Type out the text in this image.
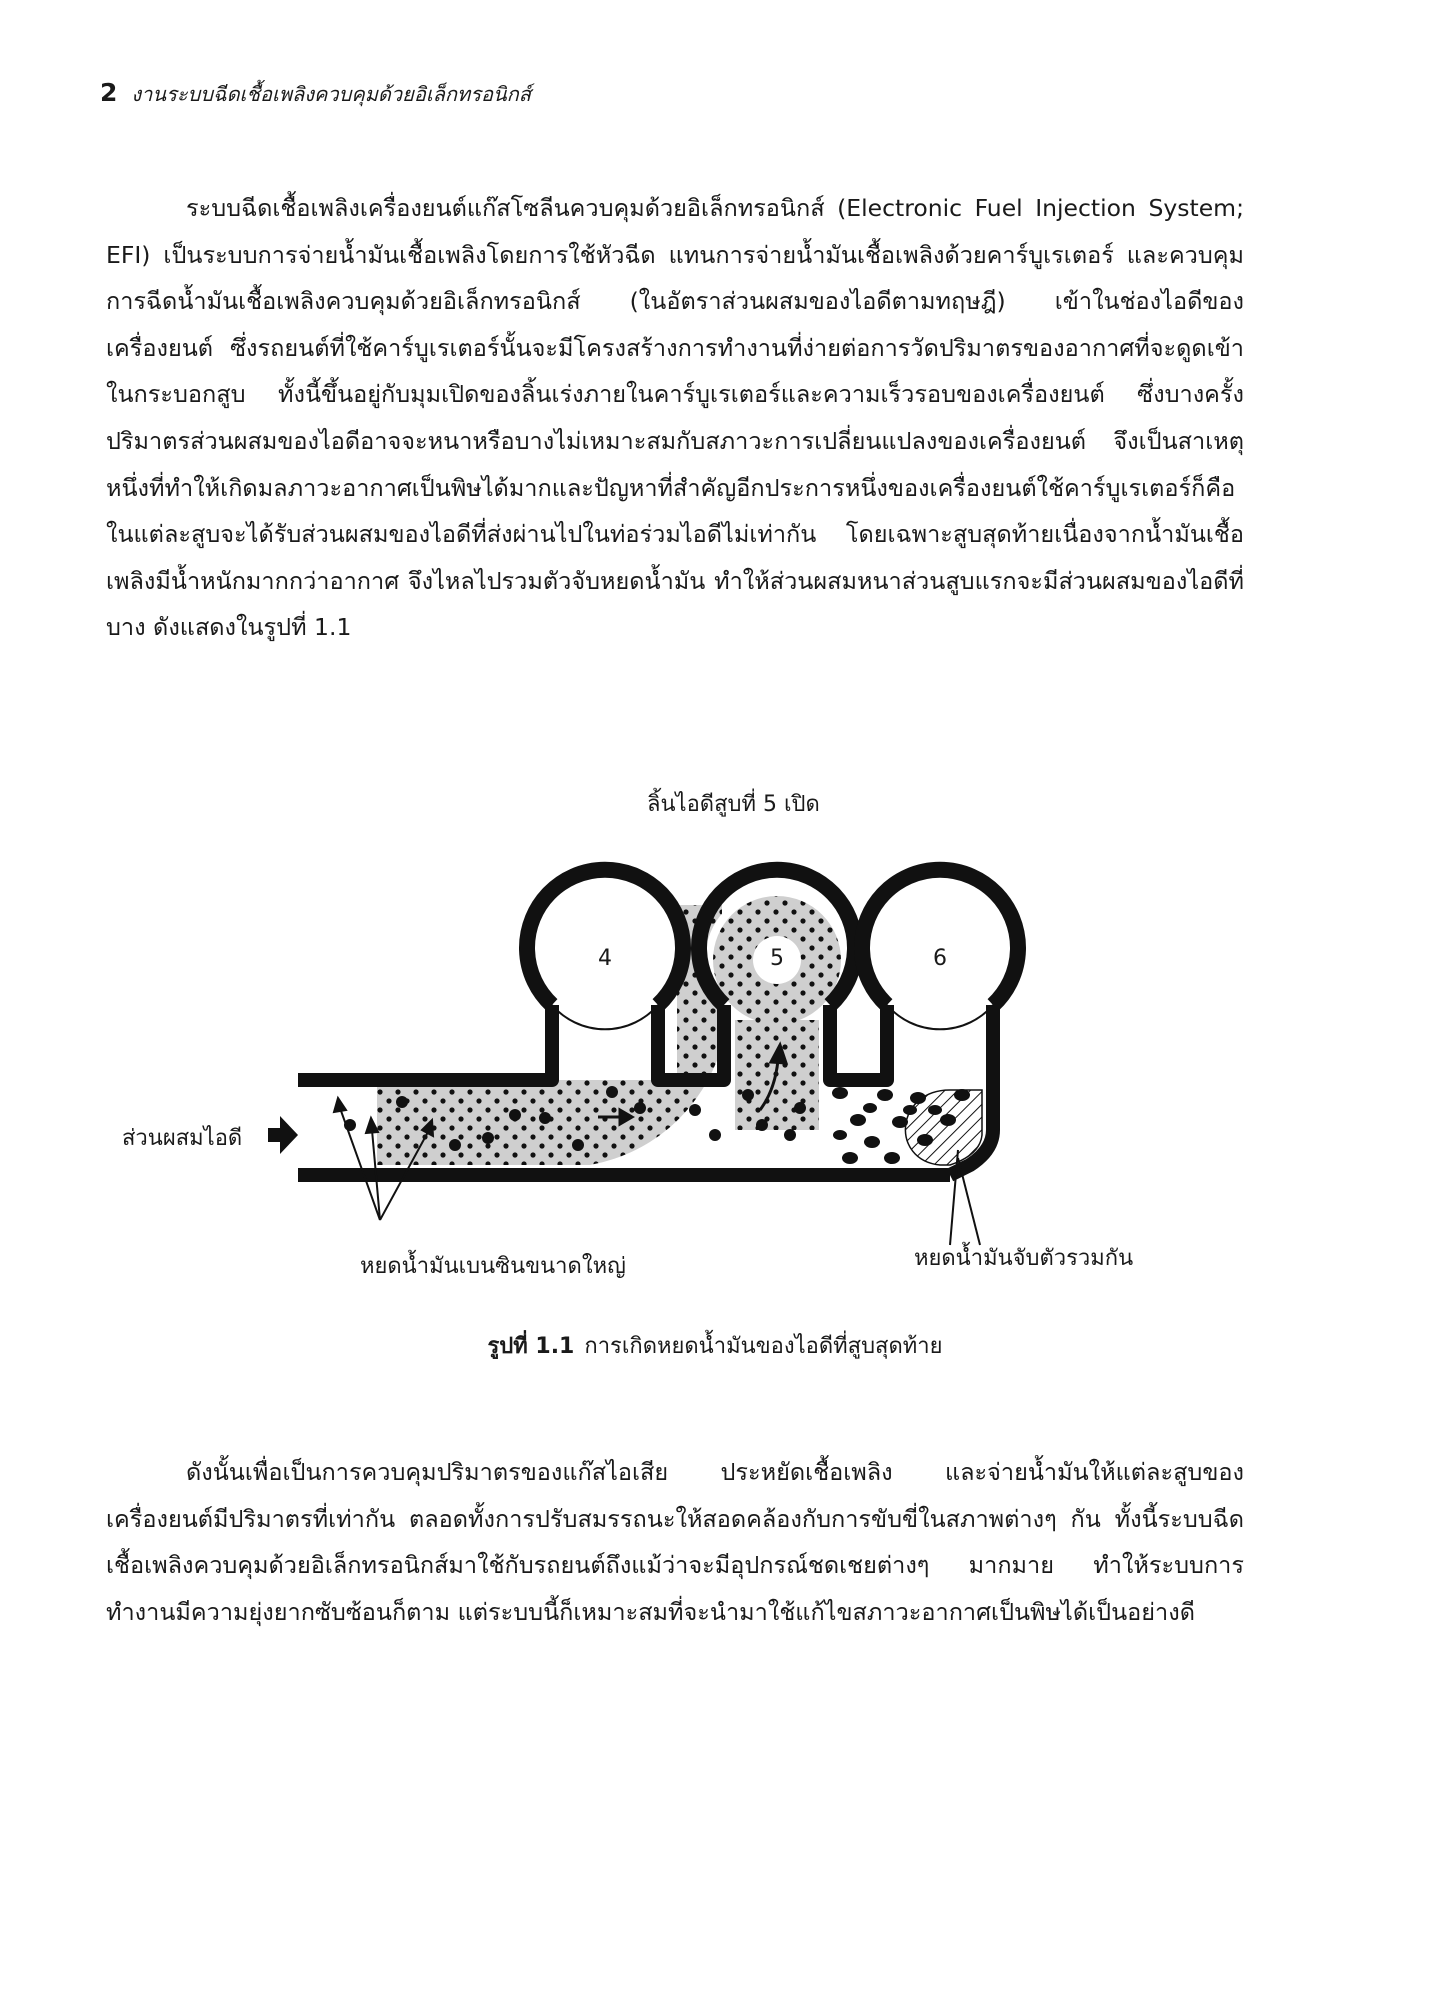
2 งานระบบฉีดเชื้อเพลิงควบคุมด้วยอิเล็กทรอนิกส์

ระบบฉีดเชื้อเพลิงเครื่องยนต์แก๊สโซลีนควบคุมด้วยอิเล็กทรอนิกส์ (Electronic Fuel Injection System; EFI) เป็นระบบการจ่ายน้ำมันเชื้อเพลิงโดยการใช้หัวฉีด แทนการจ่ายน้ำมันเชื้อเพลิงด้วยคาร์บูเรเตอร์ และควบคุมการฉีดน้ำมันเชื้อเพลิงควบคุมด้วยอิเล็กทรอนิกส์ (ในอัตราส่วนผสมของไอดีตามทฤษฎี) เข้าในช่องไอดีของเครื่องยนต์ ซึ่งรถยนต์ที่ใช้คาร์บูเรเตอร์นั้นจะมีโครงสร้างการทำงานที่ง่ายต่อการวัดปริมาตรของอากาศที่จะดูดเข้าในกระบอกสูบ ทั้งนี้ขึ้นอยู่กับมุมเปิดของลิ้นเร่งภายในคาร์บูเรเตอร์และความเร็วรอบของเครื่องยนต์ ซึ่งบางครั้งปริมาตรส่วนผสมของไอดีอาจจะหนาหรือบางไม่เหมาะสมกับสภาวะการเปลี่ยนแปลงของเครื่องยนต์ จึงเป็นสาเหตุหนึ่งที่ทำให้เกิดมลภาวะอากาศเป็นพิษได้มากและปัญหาที่สำคัญอีกประการหนึ่งของเครื่องยนต์ใช้คาร์บูเรเตอร์ก็คือ ในแต่ละสูบจะได้รับส่วนผสมของไอดีที่ส่งผ่านไปในท่อร่วมไอดีไม่เท่ากัน โดยเฉพาะสูบสุดท้ายเนื่องจากน้ำมันเชื้อเพลิงมีน้ำหนักมากกว่าอากาศ จึงไหลไปรวมตัวจับหยดน้ำมัน ทำให้ส่วนผสมหนาส่วนสูบแรกจะมีส่วนผสมของไอดีที่บาง ดังแสดงในรูปที่ 1.1

ลิ้นไอดีสูบที่ 5 เปิด
4	5	6
ส่วนผสมไอดี
หยดน้ำมันเบนซินขนาดใหญ่	หยดน้ำมันจับตัวรวมกัน
รูปที่ 1.1 การเกิดหยดน้ำมันของไอดีที่สูบสุดท้าย

ดังนั้นเพื่อเป็นการควบคุมปริมาตรของแก๊สไอเสีย ประหยัดเชื้อเพลิง และจ่ายน้ำมันให้แต่ละสูบของเครื่องยนต์มีปริมาตรที่เท่ากัน ตลอดทั้งการปรับสมรรถนะให้สอดคล้องกับการขับขี่ในสภาพต่างๆ กัน ทั้งนี้ระบบฉีดเชื้อเพลิงควบคุมด้วยอิเล็กทรอนิกส์มาใช้กับรถยนต์ถึงแม้ว่าจะมีอุปกรณ์ชดเชยต่างๆ มากมาย ทำให้ระบบการทำงานมีความยุ่งยากซับซ้อนก็ตาม แต่ระบบนี้ก็เหมาะสมที่จะนำมาใช้แก้ไขสภาวะอากาศเป็นพิษได้เป็นอย่างดี
